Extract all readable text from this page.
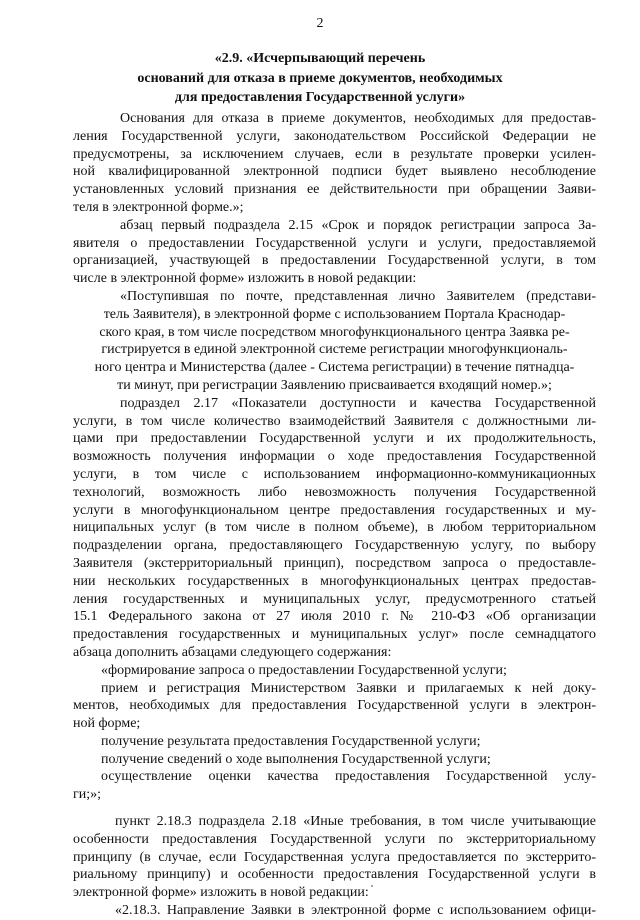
2
«2.9. «Исчерпывающий перечень
оснований для отказа в приеме документов, необходимых
для предоставления Государственной услуги»
Основания для отказа в приеме документов, необходимых для предостав-
ления Государственной услуги, законодательством Российской Федерации не
предусмотрены, за исключением случаев, если в результате проверки усилен-
ной квалифицированной электронной подписи будет выявлено несоблюдение
установленных условий признания ее действительности при обращении Заяви-
теля в электронной форме.»;
абзац первый подраздела 2.15 «Срок и порядок регистрации запроса За-
явителя о предоставлении Государственной услуги и услуги, предоставляемой
организацией, участвующей в предоставлении Государственной услуги, в том
числе в электронной форме» изложить в новой редакции:
«Поступившая по почте, представленная лично Заявителем (представи-
тель Заявителя), в электронной форме с использованием Портала Краснодар-
ского края, в том числе посредством многофункционального центра Заявка ре-
гистрируется в единой электронной системе регистрации многофункциональ-
ного центра и Министерства (далее - Система регистрации) в течение пятнадца-
ти минут, при регистрации Заявлению присваивается входящий номер.»;
подраздел 2.17 «Показатели доступности и качества Государственной
услуги, в том числе количество взаимодействий Заявителя с должностными ли-
цами при предоставлении Государственной услуги и их продолжительность,
возможность получения информации о ходе предоставления Государственной
услуги, в том числе с использованием информационно-коммуникационных
технологий, возможность либо невозможность получения Государственной
услуги в многофункциональном центре предоставления государственных и му-
ниципальных услуг (в том числе в полном объеме), в любом территориальном
подразделении органа, предоставляющего Государственную услугу, по выбору
Заявителя (экстерриториальный принцип), посредством запроса о предоставле-
нии нескольких государственных в многофункциональных центрах предостав-
ления государственных и муниципальных услуг, предусмотренного статьей
15.1 Федерального закона от 27 июля 2010 г. № 210-ФЗ «Об организации
предоставления государственных и муниципальных услуг» после семнадцатого
абзаца дополнить абзацами следующего содержания:
«формирование запроса о предоставлении Государственной услуги;
прием и регистрация Министерством Заявки и прилагаемых к ней доку-
ментов, необходимых для предоставления Государственной услуги в электрон-
ной форме;
получение результата предоставления Государственной услуги;
получение сведений о ходе выполнения Государственной услуги;
осуществление оценки качества предоставления Государственной услу-
ги;»;
пункт 2.18.3 подраздела 2.18 «Иные требования, в том числе учитывающие
особенности предоставления Государственной услуги по экстерриториальному
принципу (в случае, если Государственная услуга предоставляется по экстеррито-
риальному принципу) и особенности предоставления Государственной услуги в
электронной форме» изложить в новой редакции:
«2.18.3. Направление Заявки в электронной форме с использованием офици-
